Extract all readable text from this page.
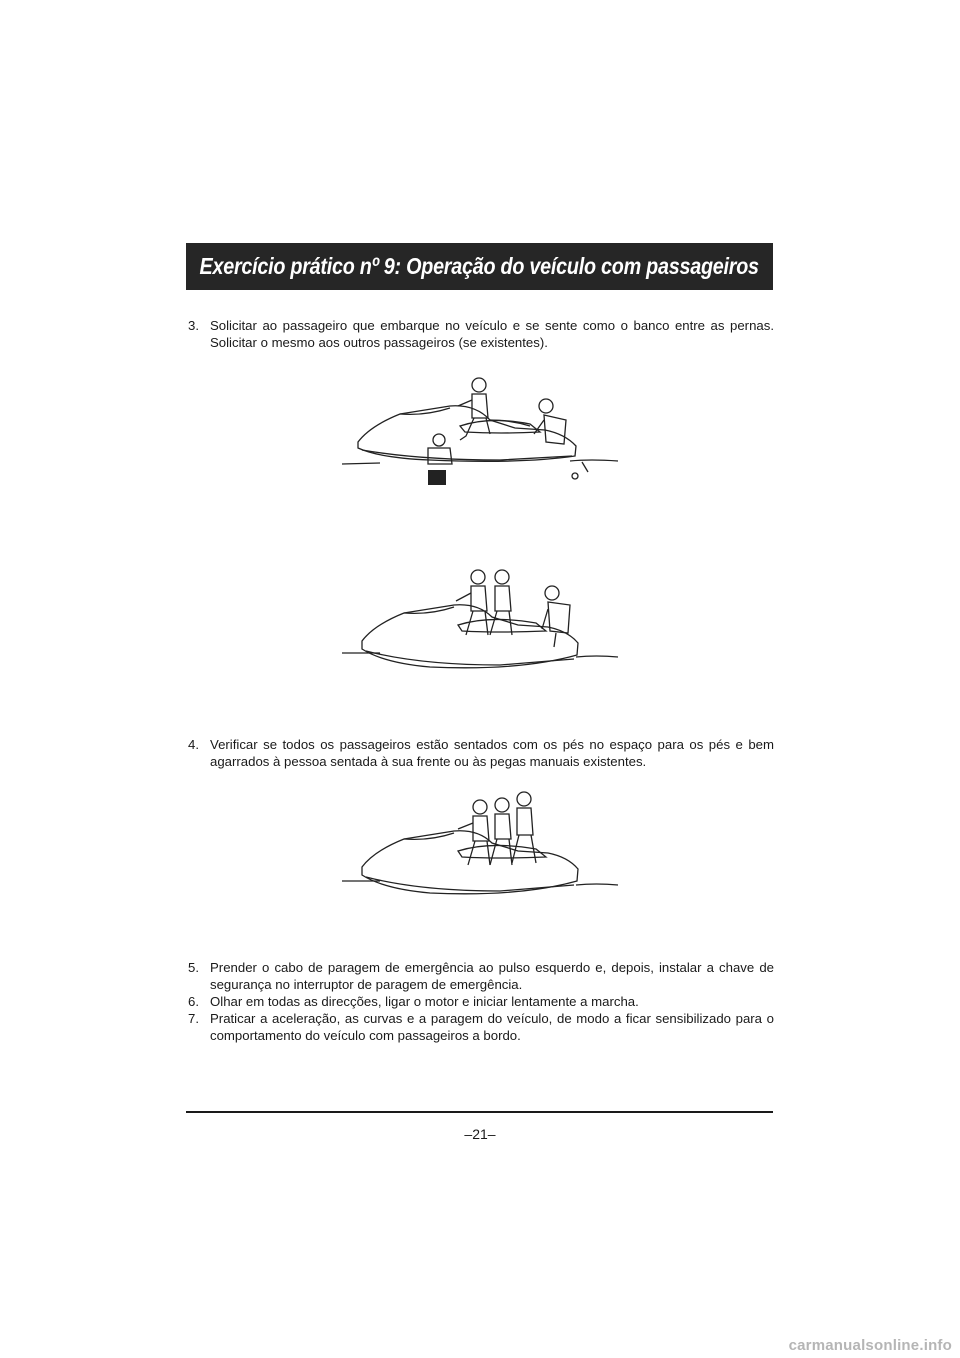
Exercício prático nº 9: Operação do veículo com passageiros
3. Solicitar ao passageiro que embarque no veículo e se sente como o banco entre as pernas. Solicitar o mesmo aos outros passageiros (se existentes).
4. Verificar se todos os passageiros estão sentados com os pés no espaço para os pés e bem agarrados à pessoa sentada à sua frente ou às pegas manuais existentes.
5. Prender o cabo de paragem de emergência ao pulso esquerdo e, depois, instalar a chave de segurança no interruptor de paragem de emergência.
6. Olhar em todas as direcções, ligar o motor e iniciar lentamente a marcha.
7. Praticar a aceleração, as curvas e a paragem do veículo, de modo a ficar sensibilizado para o comportamento do veículo com passageiros a bordo.
–21–
carmanualsonline.info
